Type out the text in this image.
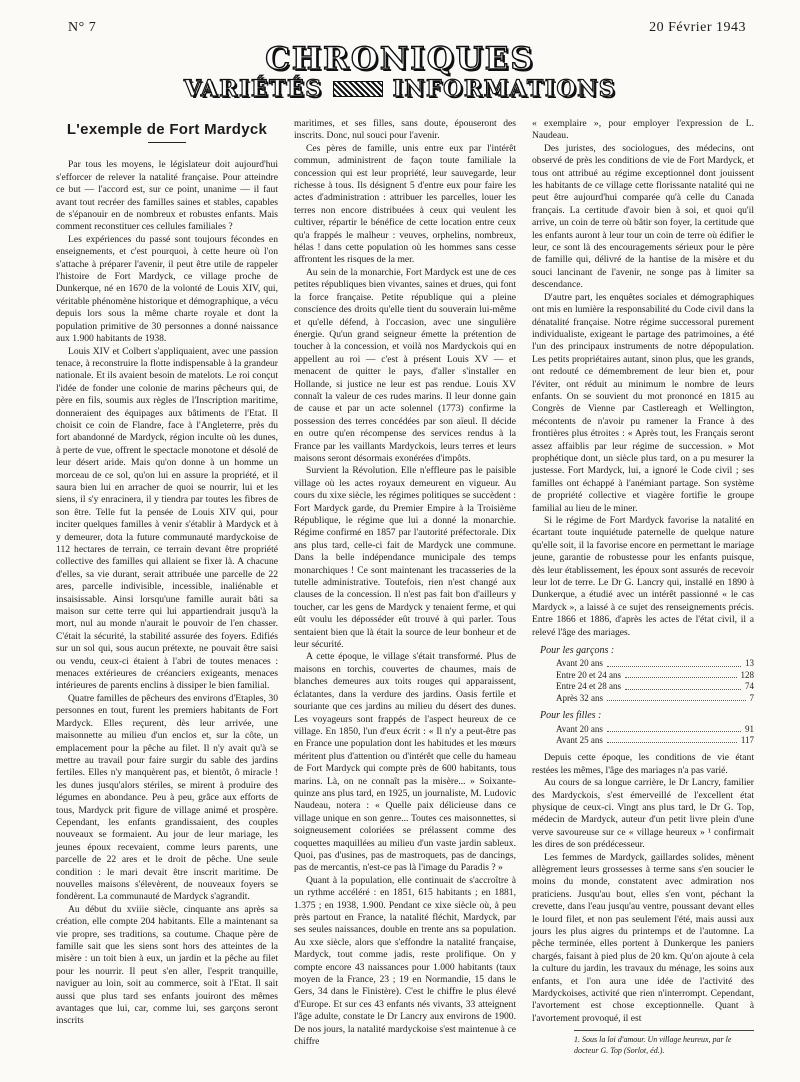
N° 7	20 Février 1943
CHRONIQUES
VARIÉTÉS	INFORMATIONS
L'exemple de Fort Mardyck

Par tous les moyens, le législateur doit aujourd'hui s'efforcer de relever la natalité française. Pour atteindre ce but — l'accord est, sur ce point, unanime — il faut avant tout recréer des familles saines et stables, capables de s'épanouir en de nombreux et robustes enfants. Mais comment reconstituer ces cellules familiales ?

Les expériences du passé sont toujours fécondes en enseignements, et c'est pourquoi, à cette heure où l'on s'attache à préparer l'avenir, il peut être utile de rappeler l'histoire de Fort Mardyck, ce village proche de Dunkerque, né en 1670 de la volonté de Louis XIV, qui, véritable phénomène historique et démographique, a vécu depuis lors sous la même charte royale et dont la population primitive de 30 personnes a donné naissance aux 1.900 habitants de 1938.

Louis XIV et Colbert s'appliquaient, avec une passion tenace, à reconstruire la flotte indispensable à la grandeur nationale. Et ils avaient besoin de matelots. Le roi conçut l'idée de fonder une colonie de marins pêcheurs qui, de père en fils, soumis aux règles de l'Inscription maritime, donneraient des équipages aux bâtiments de l'Etat. Il choisit ce coin de Flandre, face à l'Angleterre, près du fort abandonné de Mardyck, région inculte où les dunes, à perte de vue, offrent le spectacle monotone et désolé de leur désert aride. Mais qu'on donne à un homme un morceau de ce sol, qu'on lui en assure la propriété, et il saura bien lui en arracher de quoi se nourrir, lui et les siens, il s'y enracinera, il y tiendra par toutes les fibres de son être. Telle fut la pensée de Louis XIV qui, pour inciter quelques familles à venir s'établir à Mardyck et à y demeurer, dota la future communauté mardyckoise de 112 hectares de terrain, ce terrain devant être propriété collective des familles qui allaient se fixer là. A chacune d'elles, sa vie durant, serait attribuée une parcelle de 22 ares, parcelle indivisible, incessible, inaliénable et insaisissable. Ainsi lorsqu'une famille aurait bâti sa maison sur cette terre qui lui appartiendrait jusqu'à la mort, nul au monde n'aurait le pouvoir de l'en chasser. C'était la sécurité, la stabilité assurée des foyers. Edifiés sur un sol qui, sous aucun prétexte, ne pouvait être saisi ou vendu, ceux-ci étaient à l'abri de toutes menaces : menaces extérieures de créanciers exigeants, menaces intérieures de parents enclins à dissiper le bien familial.

Quatre familles de pêcheurs des environs d'Etaples, 30 personnes en tout, furent les premiers habitants de Fort Mardyck. Elles reçurent, dès leur arrivée, une maisonnette au milieu d'un enclos et, sur la côte, un emplacement pour la pêche au filet. Il n'y avait qu'à se mettre au travail pour faire surgir du sable des jardins fertiles. Elles n'y manquèrent pas, et bientôt, ô miracle ! les dunes jusqu'alors stériles, se mirent à produire des légumes en abondance. Peu à peu, grâce aux efforts de tous, Mardyck prit figure de village animé et prospère. Cependant, les enfants grandissaient, des couples nouveaux se formaient. Au jour de leur mariage, les jeunes époux recevaient, comme leurs parents, une parcelle de 22 ares et le droit de pêche. Une seule condition : le mari devait être inscrit maritime. De nouvelles maisons s'élevèrent, de nouveaux foyers se fondèrent. La communauté de Mardyck s'agrandit.

Au début du xviiie siècle, cinquante ans après sa création, elle compte 204 habitants. Elle a maintenant sa vie propre, ses traditions, sa coutume. Chaque père de famille sait que les siens sont hors des atteintes de la misère : un toit bien à eux, un jardin et la pêche au filet pour les nourrir. Il peut s'en aller, l'esprit tranquille, naviguer au loin, soit au commerce, soit à l'Etat. Il sait aussi que plus tard ses enfants jouiront des mêmes avantages que lui, car, comme lui, ses garçons seront inscrits

maritimes, et ses filles, sans doute, épouseront des inscrits. Donc, nul souci pour l'avenir.

Ces pères de famille, unis entre eux par l'intérêt commun, administrent de façon toute familiale la concession qui est leur propriété, leur sauvegarde, leur richesse à tous. Ils désignent 5 d'entre eux pour faire les actes d'administration : attribuer les parcelles, louer les terres non encore distribuées à ceux qui veulent les cultiver, répartir le bénéfice de cette location entre ceux qu'a frappés le malheur : veuves, orphelins, nombreux, hélas ! dans cette population où les hommes sans cesse affrontent les risques de la mer.

Au sein de la monarchie, Fort Mardyck est une de ces petites républiques bien vivantes, saines et drues, qui font la force française. Petite république qui a pleine conscience des droits qu'elle tient du souverain lui-même et qu'elle défend, à l'occasion, avec une singulière énergie. Qu'un grand seigneur émette la prétention de toucher à la concession, et voilà nos Mardyckois qui en appellent au roi — c'est à présent Louis XV — et menacent de quitter le pays, d'aller s'installer en Hollande, si justice ne leur est pas rendue. Louis XV connaît la valeur de ces rudes marins. Il leur donne gain de cause et par un acte solennel (1773) confirme la possession des terres concédées par son aïeul. Il décide en outre qu'en récompense des services rendus à la France par les vaillants Mardyckois, leurs terres et leurs maisons seront désormais exonérées d'impôts.

Survient la Révolution. Elle n'effleure pas le paisible village où les actes royaux demeurent en vigueur. Au cours du xixe siècle, les régimes politiques se succèdent : Fort Mardyck garde, du Premier Empire à la Troisième République, le régime que lui a donné la monarchie. Régime confirmé en 1857 par l'autorité préfectorale. Dix ans plus tard, celle-ci fait de Mardyck une commune. Dans la belle indépendance municipale des temps monarchiques ! Ce sont maintenant les tracasseries de la tutelle administrative. Toutefois, rien n'est changé aux clauses de la concession. Il n'est pas fait bon d'ailleurs y toucher, car les gens de Mardyck y tenaient ferme, et qui eût voulu les déposséder eût trouvé à qui parler. Tous sentaient bien que là était la source de leur bonheur et de leur sécurité.

A cette époque, le village s'était transformé. Plus de maisons en torchis, couvertes de chaumes, mais de blanches demeures aux toits rouges qui apparaissent, éclatantes, dans la verdure des jardins. Oasis fertile et souriante que ces jardins au milieu du désert des dunes. Les voyageurs sont frappés de l'aspect heureux de ce village. En 1850, l'un d'eux écrit : « Il n'y a peut-être pas en France une population dont les habitudes et les mœurs méritent plus d'attention ou d'intérêt que celle du hameau de Fort Mardyck qui compte près de 600 habitants, tous marins. Là, on ne connaît pas la misère... » Soixante-quinze ans plus tard, en 1925, un journaliste, M. Ludovic Naudeau, notera : « Quelle paix délicieuse dans ce village unique en son genre... Toutes ces maisonnettes, si soigneusement coloriées se prélassent comme des coquettes maquillées au milieu d'un vaste jardin sableux. Quoi, pas d'usines, pas de mastroquets, pas de dancings, pas de mercantis, n'est-ce pas là l'image du Paradis ? »

Quant à la population, elle continuait de s'accroître à un rythme accéléré : en 1851, 615 habitants ; en 1881, 1.375 ; en 1938, 1.900. Pendant ce xixe siècle où, à peu près partout en France, la natalité fléchit, Mardyck, par ses seules naissances, double en trente ans sa population. Au xxe siècle, alors que s'effondre la natalité française, Mardyck, tout comme jadis, reste prolifique. On y compte encore 43 naissances pour 1.000 habitants (taux moyen de la France, 23 ; 19 en Normandie, 15 dans le Gers, 34 dans le Finistère). C'est le chiffre le plus élevé d'Europe. Et sur ces 43 enfants nés vivants, 33 atteignent l'âge adulte, constate le Dr Lancry aux environs de 1900. De nos jours, la natalité mardyckoise s'est maintenue à ce chiffre

« exemplaire », pour employer l'expression de L. Naudeau.

Des juristes, des sociologues, des médecins, ont observé de près les conditions de vie de Fort Mardyck, et tous ont attribué au régime exceptionnel dont jouissent les habitants de ce village cette florissante natalité qui ne peut être aujourd'hui comparée qu'à celle du Canada français. La certitude d'avoir bien à soi, et quoi qu'il arrive, un coin de terre où bâtir son foyer, la certitude que les enfants auront à leur tour un coin de terre où édifier le leur, ce sont là des encouragements sérieux pour le père de famille qui, délivré de la hantise de la misère et du souci lancinant de l'avenir, ne songe pas à limiter sa descendance.

D'autre part, les enquêtes sociales et démographiques ont mis en lumière la responsabilité du Code civil dans la dénatalité française. Notre régime successoral purement individualiste, exigeant le partage des patrimoines, a été l'un des principaux instruments de notre dépopulation. Les petits propriétaires autant, sinon plus, que les grands, ont redouté ce démembrement de leur bien et, pour l'éviter, ont réduit au minimum le nombre de leurs enfants. On se souvient du mot prononcé en 1815 au Congrès de Vienne par Castlereagh et Wellington, mécontents de n'avoir pu ramener la France à des frontières plus étroites : « Après tout, les Français seront assez affaiblis par leur régime de succession. » Mot prophétique dont, un siècle plus tard, on a pu mesurer la justesse. Fort Mardyck, lui, a ignoré le Code civil ; ses familles ont échappé à l'anémiant partage. Son système de propriété collective et viagère fortifie le groupe familial au lieu de le miner.

Si le régime de Fort Mardyck favorise la natalité en écartant toute inquiétude paternelle de quelque nature qu'elle soit, il la favorise encore en permettant le mariage jeune, garantie de robustesse pour les enfants puisque, dès leur établissement, les époux sont assurés de recevoir leur lot de terre. Le Dr G. Lancry qui, installé en 1890 à Dunkerque, a étudié avec un intérêt passionné « le cas Mardyck », a laissé à ce sujet des renseignements précis. Entre 1866 et 1886, d'après les actes de l'état civil, il a relevé l'âge des mariages.

Pour les garçons :
Avant 20 ans	13
Entre 20 et 24 ans	128
Entre 24 et 28 ans	74
Après 32 ans	7
Pour les filles :
Avant 20 ans	91
Avant 25 ans	117

Depuis cette époque, les conditions de vie étant restées les mêmes, l'âge des mariages n'a pas varié.

Au cours de sa longue carrière, le Dr Lancry, familier des Mardyckois, s'est émerveillé de l'excellent état physique de ceux-ci. Vingt ans plus tard, le Dr G. Top, médecin de Mardyck, auteur d'un petit livre plein d'une verve savoureuse sur ce « village heureux » ¹ confirmait les dires de son prédécesseur.

Les femmes de Mardyck, gaillardes solides, mènent allègrement leurs grossesses à terme sans s'en soucier le moins du monde, constatent avec admiration nos praticiens. Jusqu'au bout, elles s'en vont, péchant la crevette, dans l'eau jusqu'au ventre, poussant devant elles le lourd filet, et non pas seulement l'été, mais aussi aux jours les plus aigres du printemps et de l'automne. La pêche terminée, elles portent à Dunkerque les paniers chargés, faisant à pied plus de 20 km. Qu'on ajoute à cela la culture du jardin, les travaux du ménage, les soins aux enfants, et l'on aura une idée de l'activité des Mardyckoises, activité que rien n'interrompt. Cependant, l'avortement est chose exceptionnelle. Quant à l'avortement provoqué, il est

1. Sous la loi d'amour. Un village heureux, par le docteur G. Top (Sorlot, éd.).
